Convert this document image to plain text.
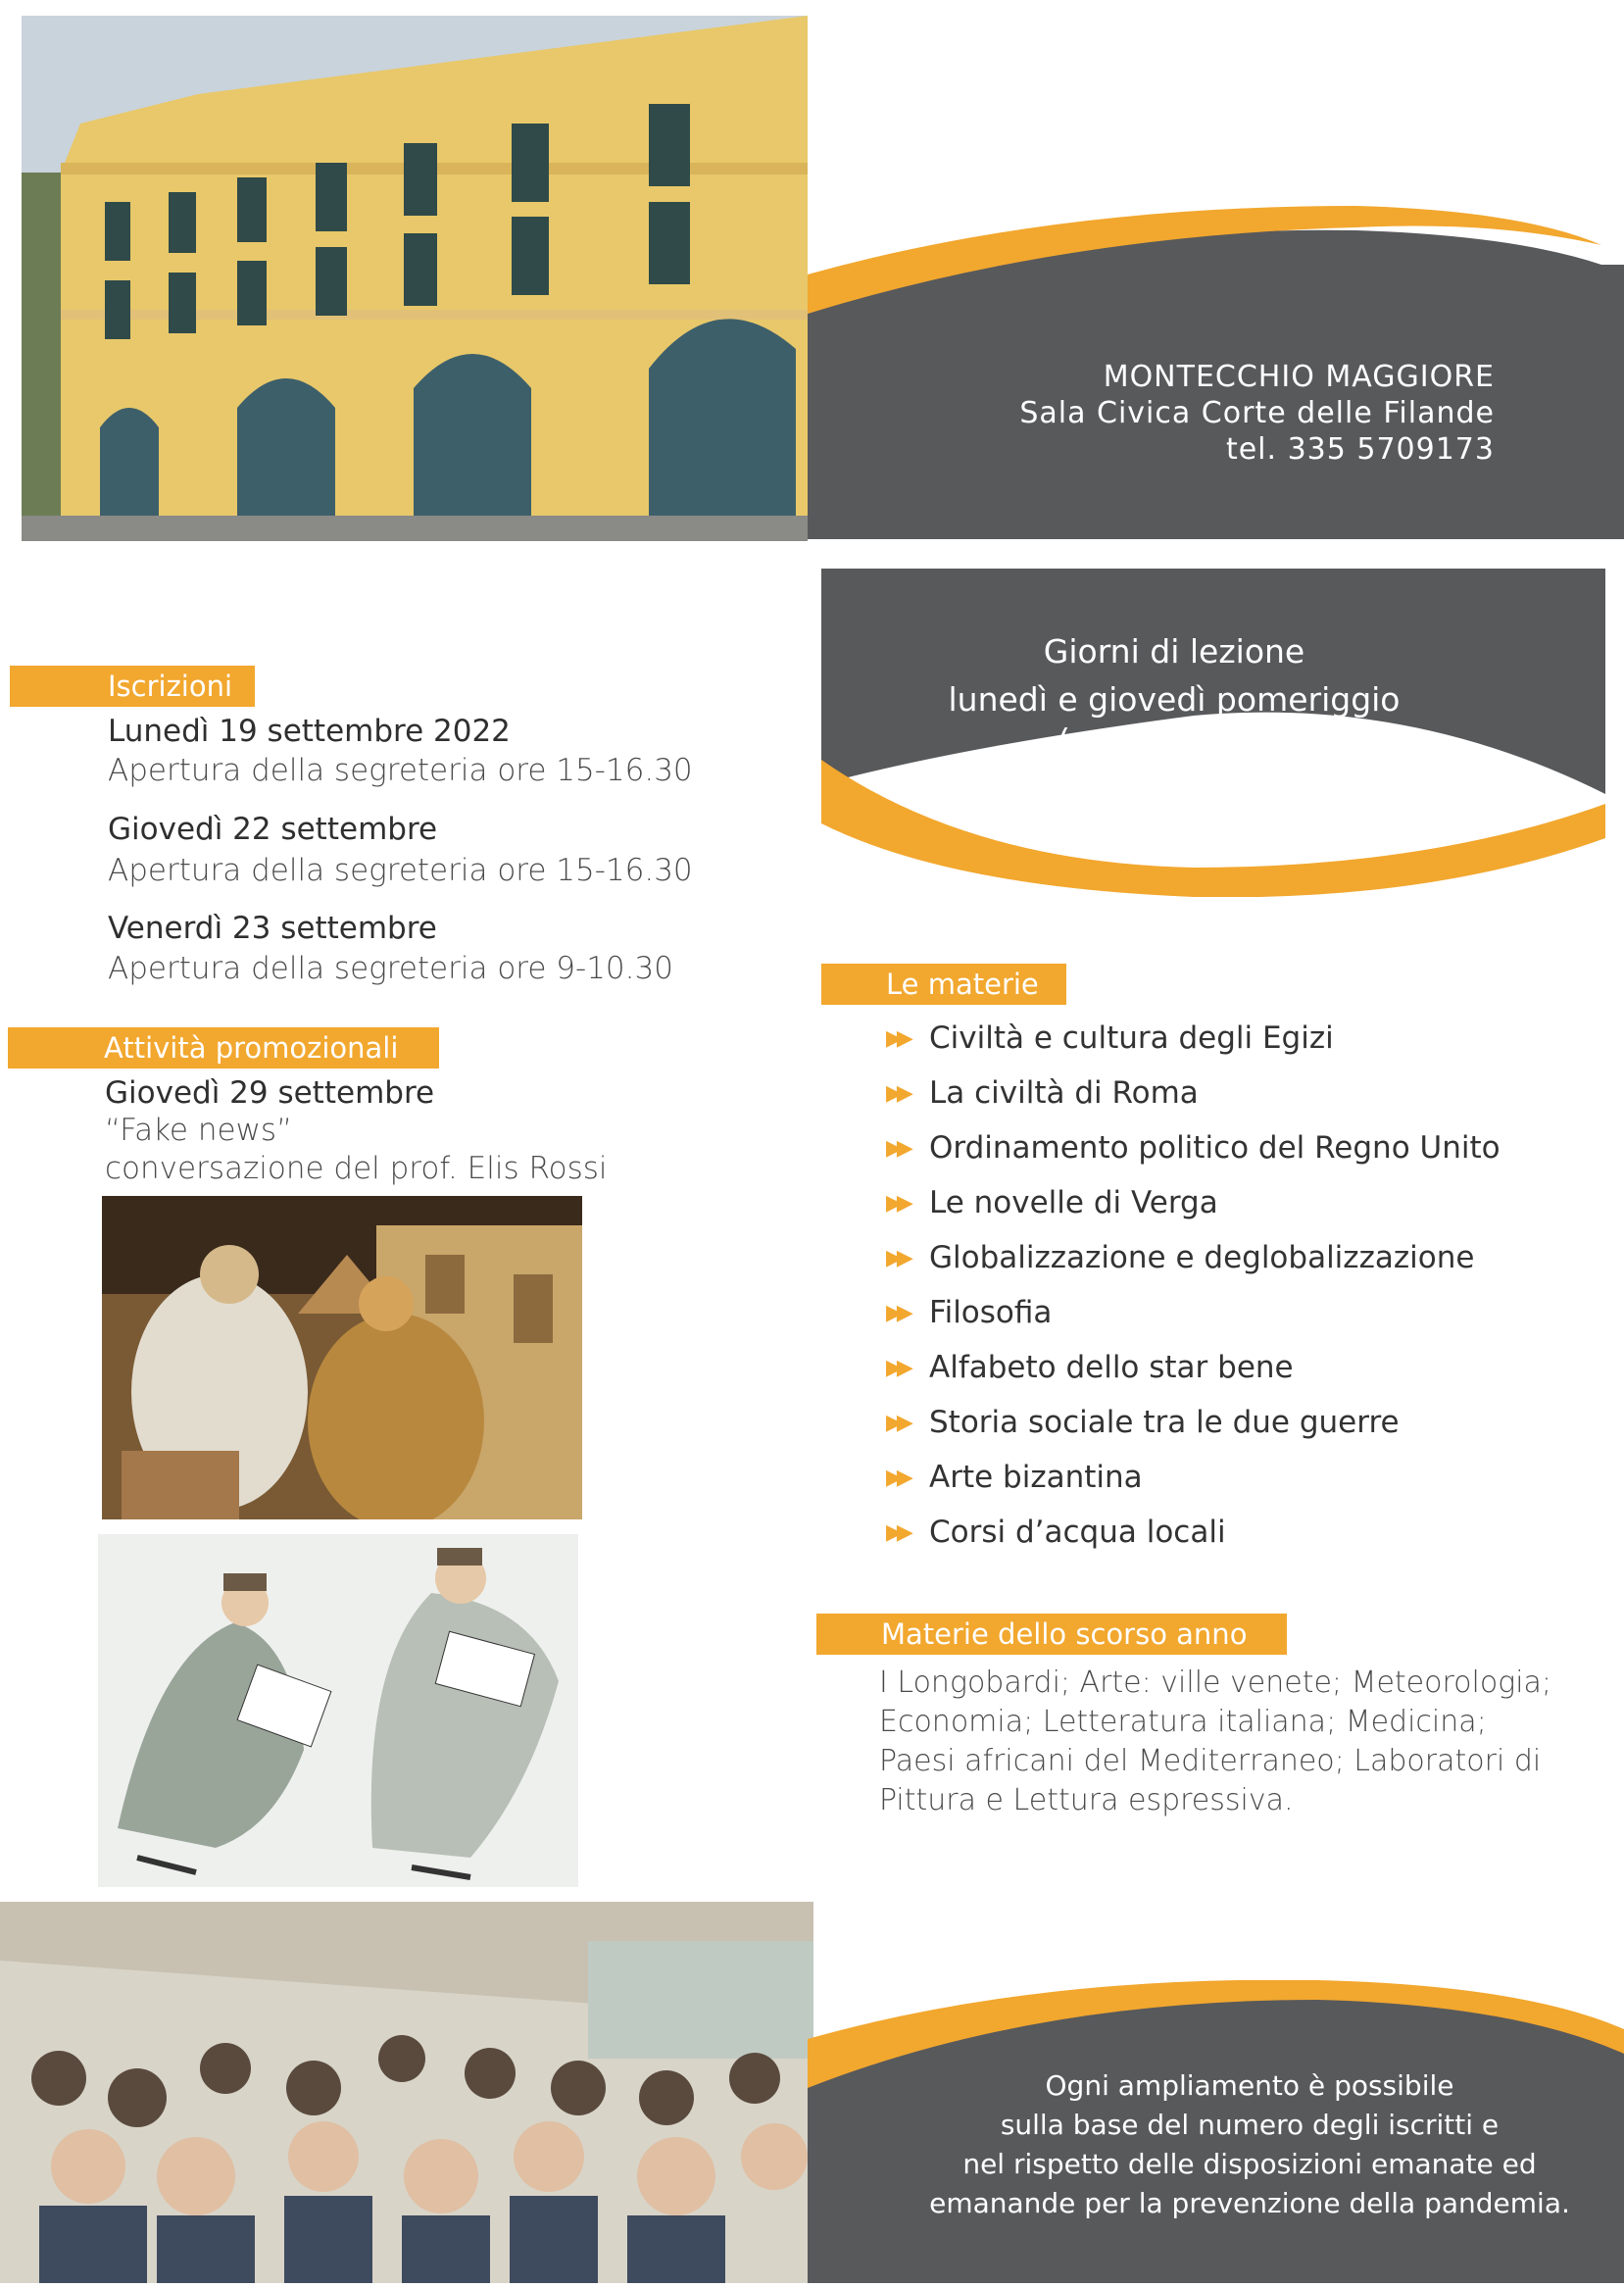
MONTECCHIO MAGGIORE
Sala Civica Corte delle Filande
tel. 335 5709173
Giorni di lezione
lunedì e giovedì pomeriggio
(ore 15-16.30)
Iscrizioni
Lunedì 19 settembre 2022
Apertura della segreteria ore 15-16.30
Giovedì 22 settembre
Apertura della segreteria ore 15-16.30
Venerdì 23 settembre
Apertura della segreteria ore 9-10.30
Attività promozionali
Giovedì 29 settembre
“Fake news”
conversazione del prof. Elis Rossi
Le materie
▶▶ Civiltà e cultura degli Egizi
▶▶ La civiltà di Roma
▶▶ Ordinamento politico del Regno Unito
▶▶ Le novelle di Verga
▶▶ Globalizzazione e deglobalizzazione
▶▶ Filosofia
▶▶ Alfabeto dello star bene
▶▶ Storia sociale tra le due guerre
▶▶ Arte bizantina
▶▶ Corsi d’acqua locali
Materie dello scorso anno
I Longobardi; Arte: ville venete; Meteorologia;
Economia; Letteratura italiana; Medicina;
Paesi africani del Mediterraneo; Laboratori di
Pittura e Lettura espressiva.
Ogni ampliamento è possibile
sulla base del numero degli iscritti e
nel rispetto delle disposizioni emanate ed
emanande per la prevenzione della pandemia.
